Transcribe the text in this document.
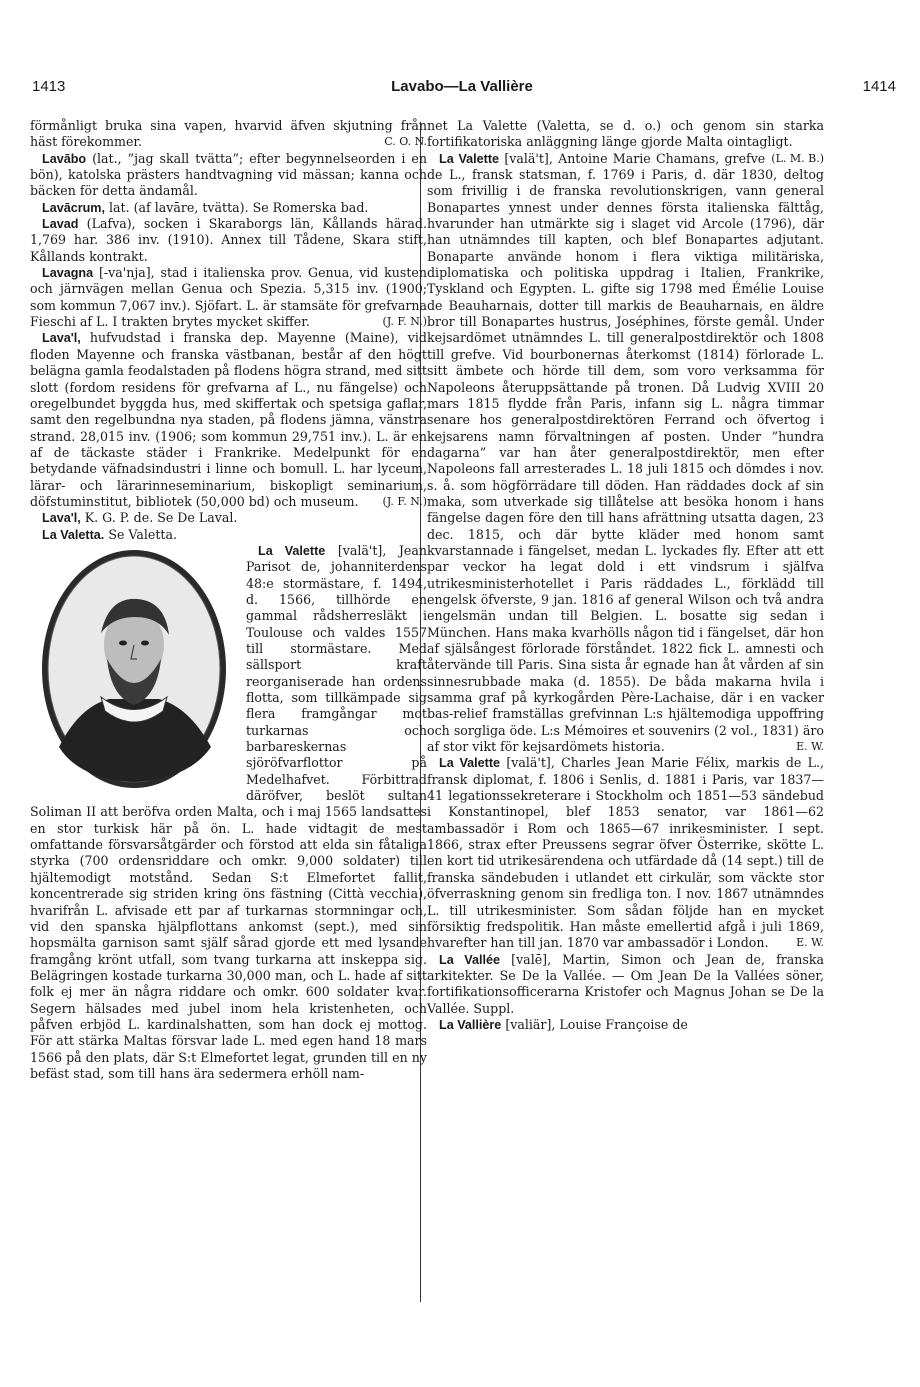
1413	Lavabo—La Vallière	1414

förmånligt bruka sina vapen, hvarvid äfven skjutning från häst förekommer.	C. O. N.

Lavābo (lat., ”jag skall tvätta”; efter begynnelseorden i en bön), katolska prästers handtvagning vid mässan; kanna och bäcken för detta ändamål.

Lavācrum, lat. (af lavāre, tvätta). Se Romerska bad.

Lavad (Lafva), socken i Skaraborgs län, Kållands härad. 1,769 har. 386 inv. (1910). Annex till Tådene, Skara stift, Kållands kontrakt.

Lavagna [-va'nja], stad i italienska prov. Genua, vid kusten och järnvägen mellan Genua och Spezia. 5,315 inv. (1900; som kommun 7,067 inv.). Sjöfart. L. är stamsäte för grefvarna Fieschi af L. I trakten brytes mycket skiffer.	(J. F. N.)

Lava'l, hufvudstad i franska dep. Mayenne (Maine), vid floden Mayenne och franska västbanan, består af den högt belägna gamla feodalstaden på flodens högra strand, med sitt slott (fordom residens för grefvarna af L., nu fängelse) och oregelbundet byggda hus, med skiffertak och spetsiga gaflar, samt den regelbundna nya staden, på flodens jämna, vänstra strand. 28,015 inv. (1906; som kommun 29,751 inv.). L. är en af de täckaste städer i Frankrike. Medelpunkt för en betydande väfnadsindustri i linne och bomull. L. har lyceum, lärar- och lärarinneseminarium, biskopligt seminarium, döfstuminstitut, bibliotek (50,000 bd) och museum.	(J. F. N.)

Lava'l, K. G. P. de. Se De Laval.

La Valetta. Se Valetta.

La Valette [valä't], Jean Parisot de, johanniterdens 48:e stormästare, f. 1494, d. 1566, tillhörde en gammal rådsherresläkt i Toulouse och valdes 1557 till stormästare. Med sällsport kraft reorganiserade han ordens flotta, som tillkämpade sig flera framgångar mot turkarnas och barbareskernas sjöröfvarflottor på Medelhafvet. Förbittrad däröfver, beslöt sultan Soliman II att beröfva orden Malta, och i maj 1565 landsattes en stor turkisk här på ön. L. hade vidtagit de mest omfattande försvarsåtgärder och förstod att elda sin fåtaliga styrka (700 ordensriddare och omkr. 9,000 soldater) till hjältemodigt motstånd. Sedan S:t Elmefortet fallit, koncentrerade sig striden kring öns fästning (Città vecchia), hvarifrån L. afvisade ett par af turkarnas stormningar och, vid den spanska hjälpflottans ankomst (sept.), med sin hopsmälta garnison samt själf sårad gjorde ett med lysande framgång krönt utfall, som tvang turkarna att inskeppa sig. Belägringen kostade turkarna 30,000 man, och L. hade af sitt folk ej mer än några riddare och omkr. 600 soldater kvar. Segern hälsades med jubel inom hela kristenheten, och påfven erbjöd L. kardinalshatten, som han dock ej mottog. För att stärka Maltas försvar lade L. med egen hand 18 mars 1566 på den plats, där S:t Elmefortet legat, grunden till en ny befäst stad, som till hans ära sedermera erhöll nam-

net La Valette (Valetta, se d. o.) och genom sin starka fortifikatoriska anläggning länge gjorde Malta ointagligt.
(L. M. B.)

La Valette [valä't], Antoine Marie Chamans, grefve de L., fransk statsman, f. 1769 i Paris, d. där 1830, deltog som frivillig i de franska revolutionskrigen, vann general Bonapartes ynnest under dennes första italienska fälttåg, hvarunder han utmärkte sig i slaget vid Arcole (1796), där han utnämndes till kapten, och blef Bonapartes adjutant. Bonaparte använde honom i flera viktiga militäriska, diplomatiska och politiska uppdrag i Italien, Frankrike, Tyskland och Egypten. L. gifte sig 1798 med Émélie Louise de Beauharnais, dotter till markis de Beauharnais, en äldre bror till Bonapartes hustrus, Joséphines, förste gemål. Under kejsardömet utnämndes L. till generalpostdirektör och 1808 till grefve. Vid bourbonernas återkomst (1814) förlorade L. sitt ämbete och hörde till dem, som voro verksamma för Napoleons återuppsättande på tronen. Då Ludvig XVIII 20 mars 1815 flydde från Paris, infann sig L. några timmar senare hos generalpostdirektören Ferrand och öfvertog i kejsarens namn förvaltningen af posten. Under ”hundra dagarna” var han åter generalpostdirektör, men efter Napoleons fall arresterades L. 18 juli 1815 och dömdes i nov. s. å. som högförrädare till döden. Han räddades dock af sin maka, som utverkade sig tillåtelse att besöka honom i hans fängelse dagen före den till hans afrättning utsatta dagen, 23 dec. 1815, och där bytte kläder med honom samt kvarstannade i fängelset, medan L. lyckades fly. Efter att ett par veckor ha legat dold i ett vindsrum i själfva utrikesministerhotellet i Paris räddades L., förklädd till engelsk öfverste, 9 jan. 1816 af general Wilson och två andra engelsmän undan till Belgien. L. bosatte sig sedan i München. Hans maka kvarhölls någon tid i fängelset, där hon af själsångest förlorade förståndet. 1822 fick L. amnesti och återvände till Paris. Sina sista år egnade han åt vården af sin sinnesrubbade maka (d. 1855). De båda makarna hvila i samma graf på kyrkogården Père-Lachaise, där i en vacker bas-relief framställas grefvinnan L:s hjältemodiga uppoffring och sorgliga öde. L:s Mémoires et souvenirs (2 vol., 1831) äro af stor vikt för kejsardömets historia.	E. W.

La Valette [valä't], Charles Jean Marie Félix, markis de L., fransk diplomat, f. 1806 i Senlis, d. 1881 i Paris, var 1837—41 legationssekreterare i Stockholm och 1851—53 sändebud i Konstantinopel, blef 1853 senator, var 1861—62 ambassadör i Rom och 1865—67 inrikesminister. I sept. 1866, strax efter Preussens segrar öfver Österrike, skötte L. en kort tid utrikesärendena och utfärdade då (14 sept.) till de franska sändebuden i utlandet ett cirkulär, som väckte stor öfverraskning genom sin fredliga ton. I nov. 1867 utnämndes L. till utrikesminister. Som sådan följde han en mycket försiktig fredspolitik. Han måste emellertid afgå i juli 1869, hvarefter han till jan. 1870 var ambassadör i London.	E. W.

La Vallée [valē], Martin, Simon och Jean de, franska arkitekter. Se De la Vallée. — Om Jean De la Vallées söner, fortifikationsofficerarna Kristofer och Magnus Johan se De la Vallée. Suppl.

La Vallière [valiär], Louise Françoise de
